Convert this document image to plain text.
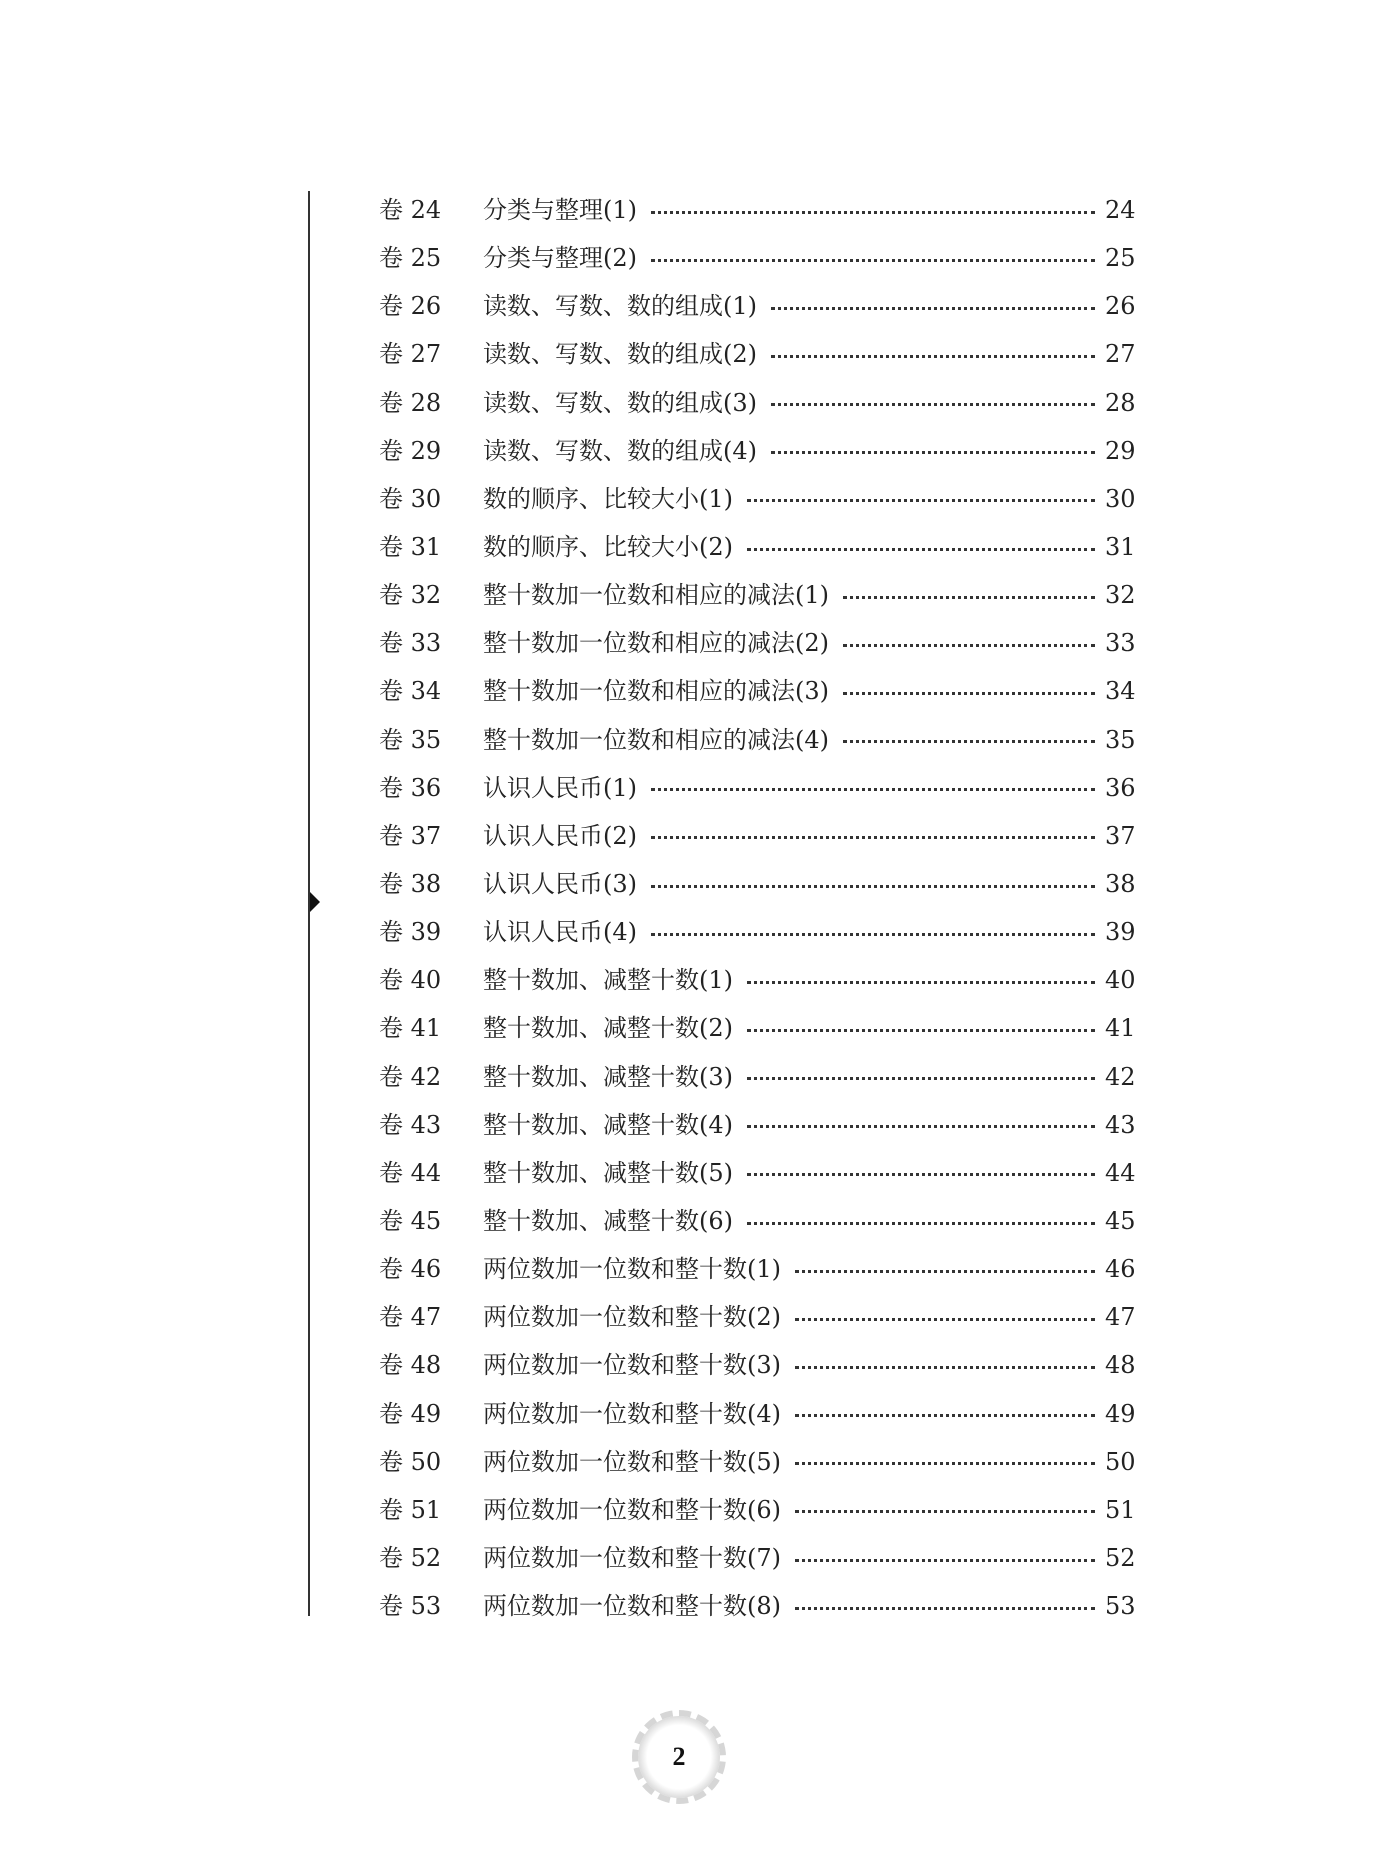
卷 24	分类与整理(1)	24
卷 25	分类与整理(2)	25
卷 26	读数、写数、数的组成(1)	26
卷 27	读数、写数、数的组成(2)	27
卷 28	读数、写数、数的组成(3)	28
卷 29	读数、写数、数的组成(4)	29
卷 30	数的顺序、比较大小(1)	30
卷 31	数的顺序、比较大小(2)	31
卷 32	整十数加一位数和相应的减法(1)	32
卷 33	整十数加一位数和相应的减法(2)	33
卷 34	整十数加一位数和相应的减法(3)	34
卷 35	整十数加一位数和相应的减法(4)	35
卷 36	认识人民币(1)	36
卷 37	认识人民币(2)	37
卷 38	认识人民币(3)	38
卷 39	认识人民币(4)	39
卷 40	整十数加、减整十数(1)	40
卷 41	整十数加、减整十数(2)	41
卷 42	整十数加、减整十数(3)	42
卷 43	整十数加、减整十数(4)	43
卷 44	整十数加、减整十数(5)	44
卷 45	整十数加、减整十数(6)	45
卷 46	两位数加一位数和整十数(1)	46
卷 47	两位数加一位数和整十数(2)	47
卷 48	两位数加一位数和整十数(3)	48
卷 49	两位数加一位数和整十数(4)	49
卷 50	两位数加一位数和整十数(5)	50
卷 51	两位数加一位数和整十数(6)	51
卷 52	两位数加一位数和整十数(7)	52
卷 53	两位数加一位数和整十数(8)	53
2
